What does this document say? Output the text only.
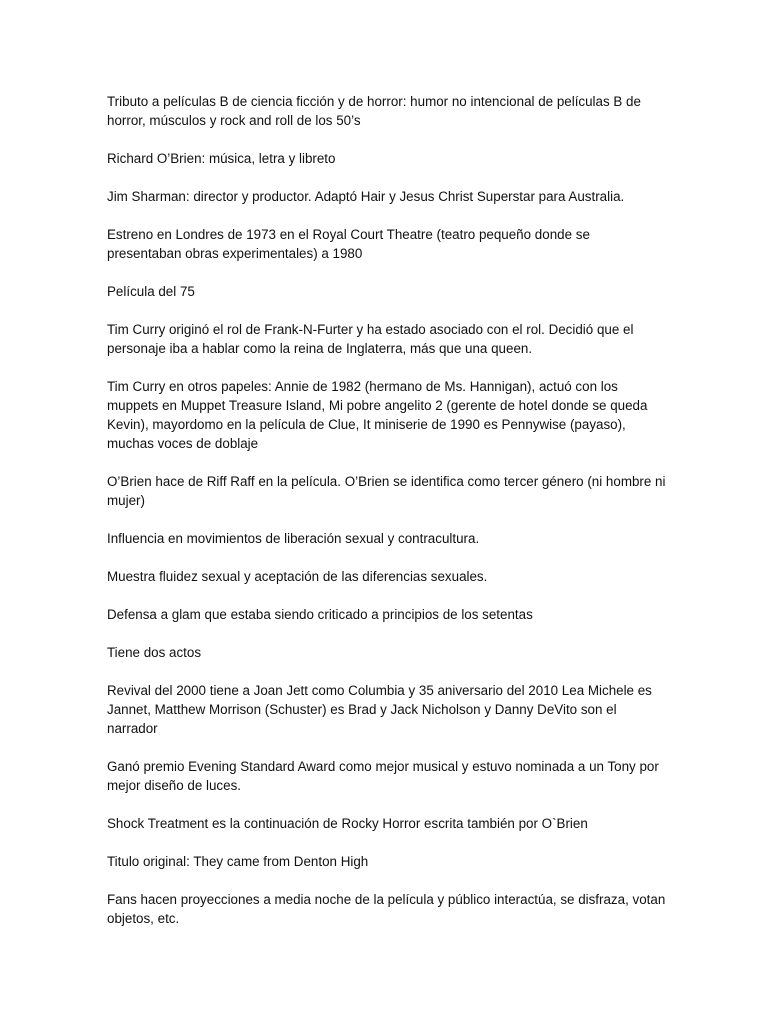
Tributo a películas B de ciencia ficción y de horror: humor no intencional de películas B de horror, músculos y rock and roll de los 50’s

Richard O’Brien: música, letra y libreto

Jim Sharman: director y productor. Adaptó Hair y Jesus Christ Superstar para Australia.

Estreno en Londres de 1973 en el Royal Court Theatre (teatro pequeño donde se presentaban obras experimentales) a 1980

Película del 75

Tim Curry originó el rol de Frank-N-Furter y ha estado asociado con el rol. Decidió que el personaje iba a hablar como la reina de Inglaterra, más que una queen.

Tim Curry en otros papeles: Annie de 1982 (hermano de Ms. Hannigan), actuó con los muppets en Muppet Treasure Island, Mi pobre angelito 2 (gerente de hotel donde se queda Kevin), mayordomo en la película de Clue, It miniserie de 1990 es Pennywise (payaso), muchas voces de doblaje

O’Brien hace de Riff Raff en la película. O’Brien se identifica como tercer género (ni hombre ni mujer)

Influencia en movimientos de liberación sexual y contracultura.

Muestra fluidez sexual y aceptación de las diferencias sexuales.

Defensa a glam que estaba siendo criticado a principios de los setentas

Tiene dos actos

Revival del 2000 tiene a Joan Jett como Columbia y 35 aniversario del 2010 Lea Michele es Jannet, Matthew Morrison (Schuster) es Brad y Jack Nicholson y Danny DeVito son el narrador

Ganó premio Evening Standard Award como mejor musical y estuvo nominada a un Tony por mejor diseño de luces.

Shock Treatment es la continuación de Rocky Horror escrita también por O`Brien

Titulo original: They came from Denton High

Fans hacen proyecciones a media noche de la película y público interactúa, se disfraza, votan objetos, etc.
